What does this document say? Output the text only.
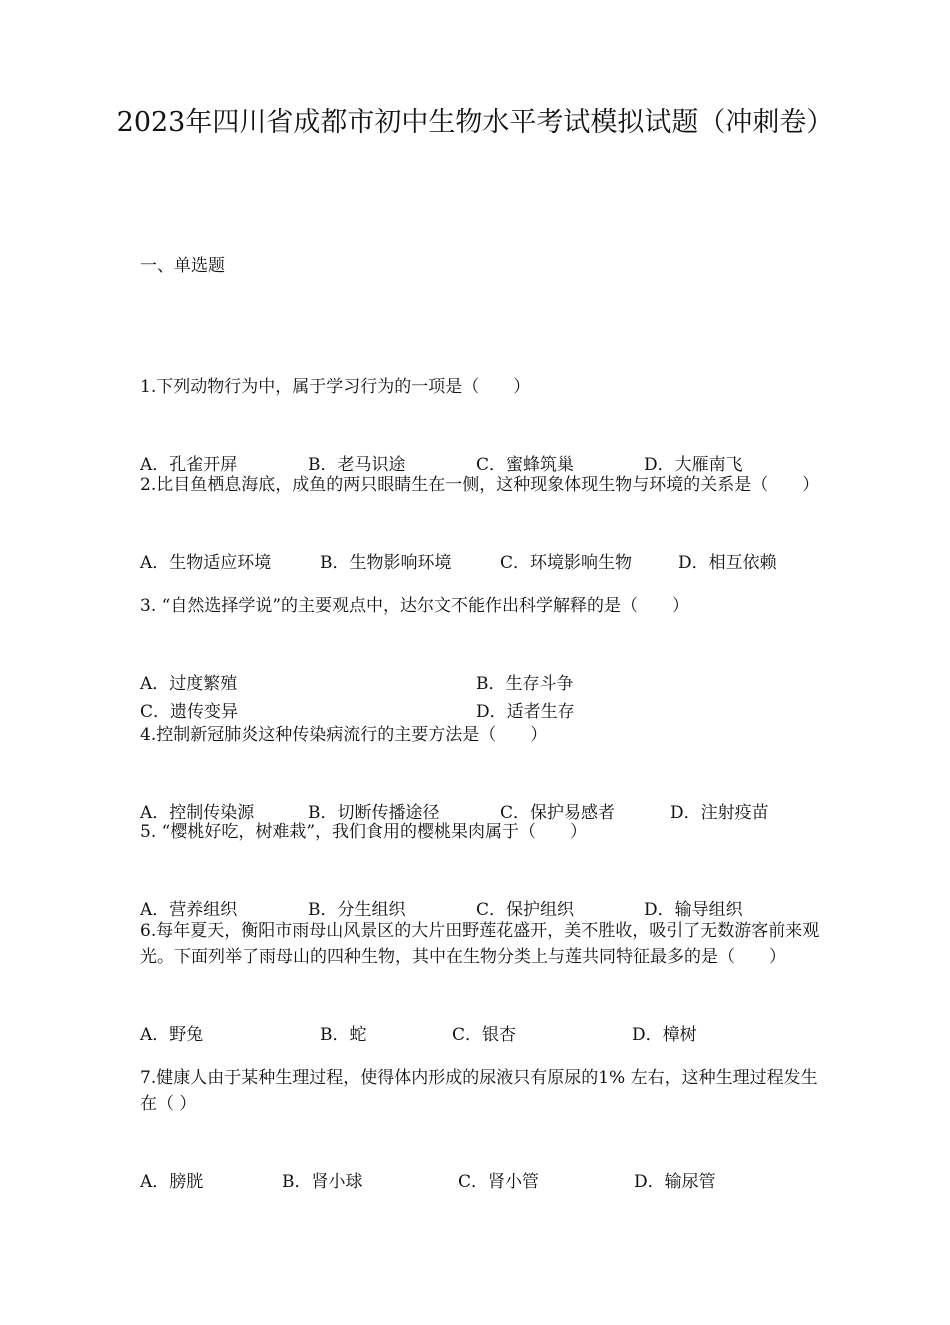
2023年四川省成都市初中生物水平考试模拟试题（冲刺卷）
一、单选题

1.下列动物行为中，属于学习行为的一项是（　　）

A．孔雀开屏

	B．老马识途

	C．蜜蜂筑巢

	D．大雁南飞

2.比目鱼栖息海底，成鱼的两只眼睛生在一侧，这种现象体现生物与环境的关系是（　　）

A．生物适应环境

	B．生物影响环境

	C．环境影响生物

	D．相互依赖

3. “自然选择学说”的主要观点中，达尔文不能作出科学解释的是（　　）

A．过度繁殖

	B．生存斗争

C．遗传变异

	D．适者生存

4.控制新冠肺炎这种传染病流行的主要方法是（　　）

A．控制传染源

	B．切断传播途径

	C．保护易感者

	D．注射疫苗

5. “樱桃好吃，树难栽”，我们食用的樱桃果肉属于（　　）

A．营养组织

	B．分生组织

	C．保护组织

	D．输导组织

6.每年夏天，衡阳市雨母山风景区的大片田野莲花盛开，美不胜收，吸引了无数游客前来观光。下面列举了雨母山的四种生物，其中在生物分类上与莲共同特征最多的是（　　）

A．野兔

	B．蛇

	C．银杏

	D．樟树

7.健康人由于某种生理过程，使得体内形成的尿液只有原尿的1% 左右，这种生理过程发生在（ ）

A．膀胱

	B．肾小球

	C．肾小管

	D．输尿管
